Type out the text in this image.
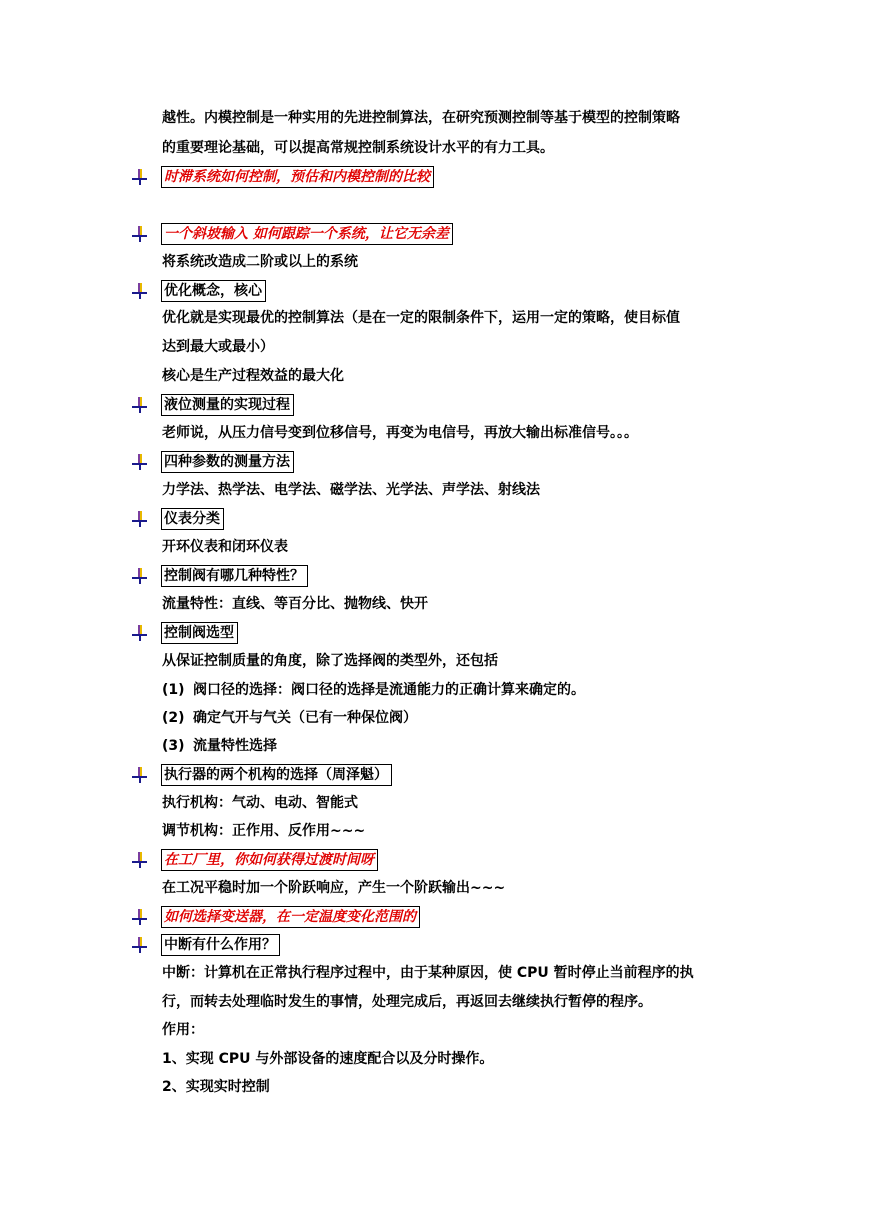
越性。内模控制是一种实用的先进控制算法，在研究预测控制等基于模型的控制策略
的重要理论基础，可以提高常规控制系统设计水平的有力工具。
时滞系统如何控制，预估和内模控制的比较
一个斜坡输入 如何跟踪一个系统，让它无余差
将系统改造成二阶或以上的系统
优化概念，核心
优化就是实现最优的控制算法（是在一定的限制条件下，运用一定的策略，使目标值
达到最大或最小）
核心是生产过程效益的最大化
液位测量的实现过程
老师说，从压力信号变到位移信号，再变为电信号，再放大输出标准信号。。。
四种参数的测量方法
力学法、热学法、电学法、磁学法、光学法、声学法、射线法
仪表分类
开环仪表和闭环仪表
控制阀有哪几种特性？
流量特性：直线、等百分比、抛物线、快开
控制阀选型
从保证控制质量的角度，除了选择阀的类型外，还包括
(1) 阀口径的选择：阀口径的选择是流通能力的正确计算来确定的。
(2) 确定气开与气关（已有一种保位阀）
(3) 流量特性选择
执行器的两个机构的选择（周泽魁）
执行机构：气动、电动、智能式
调节机构：正作用、反作用~~~
在工厂里，你如何获得过渡时间呀
在工况平稳时加一个阶跃响应，产生一个阶跃输出~~~
如何选择变送器，在一定温度变化范围的
中断有什么作用？
中断：计算机在正常执行程序过程中，由于某种原因，使 CPU 暂时停止当前程序的执
行，而转去处理临时发生的事情，处理完成后，再返回去继续执行暂停的程序。
作用：
1、实现 CPU 与外部设备的速度配合以及分时操作。
2、实现实时控制
